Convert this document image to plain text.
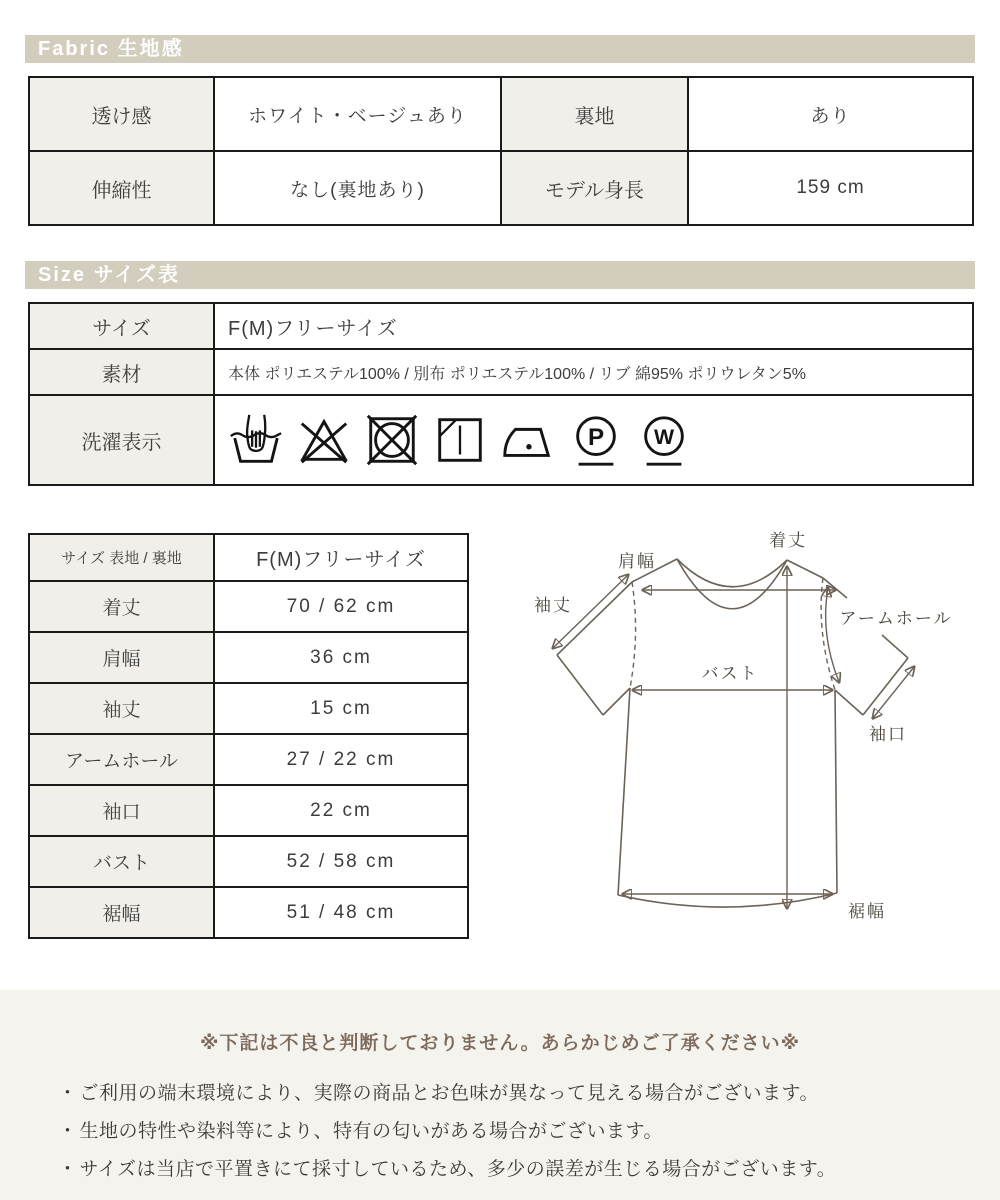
Fabric 生地感
透け感	ホワイト・ベージュあり	裏地	あり
伸縮性	なし(裏地あり)	モデル身長	159 cm
Size サイズ表
サイズ	F(M)フリーサイズ
素材	本体 ポリエステル100% / 別布 ポリエステル100% / リブ 綿95% ポリウレタン5%
洗濯表示	P W
サイズ 表地 / 裏地	F(M)フリーサイズ
着丈	70 / 62 cm
肩幅	36 cm
袖丈	15 cm
アームホール	27 / 22 cm
袖口	22 cm
バスト	52 / 58 cm
裾幅	51 / 48 cm
着丈
肩幅
袖丈
アームホール
バスト
袖口
裾幅
※下記は不良と判断しておりません。あらかじめご了承ください※
・ ご利用の端末環境により、実際の商品とお色味が異なって見える場合がございます。
・ 生地の特性や染料等により、特有の匂いがある場合がございます。
・ サイズは当店で平置きにて採寸しているため、多少の誤差が生じる場合がございます。
